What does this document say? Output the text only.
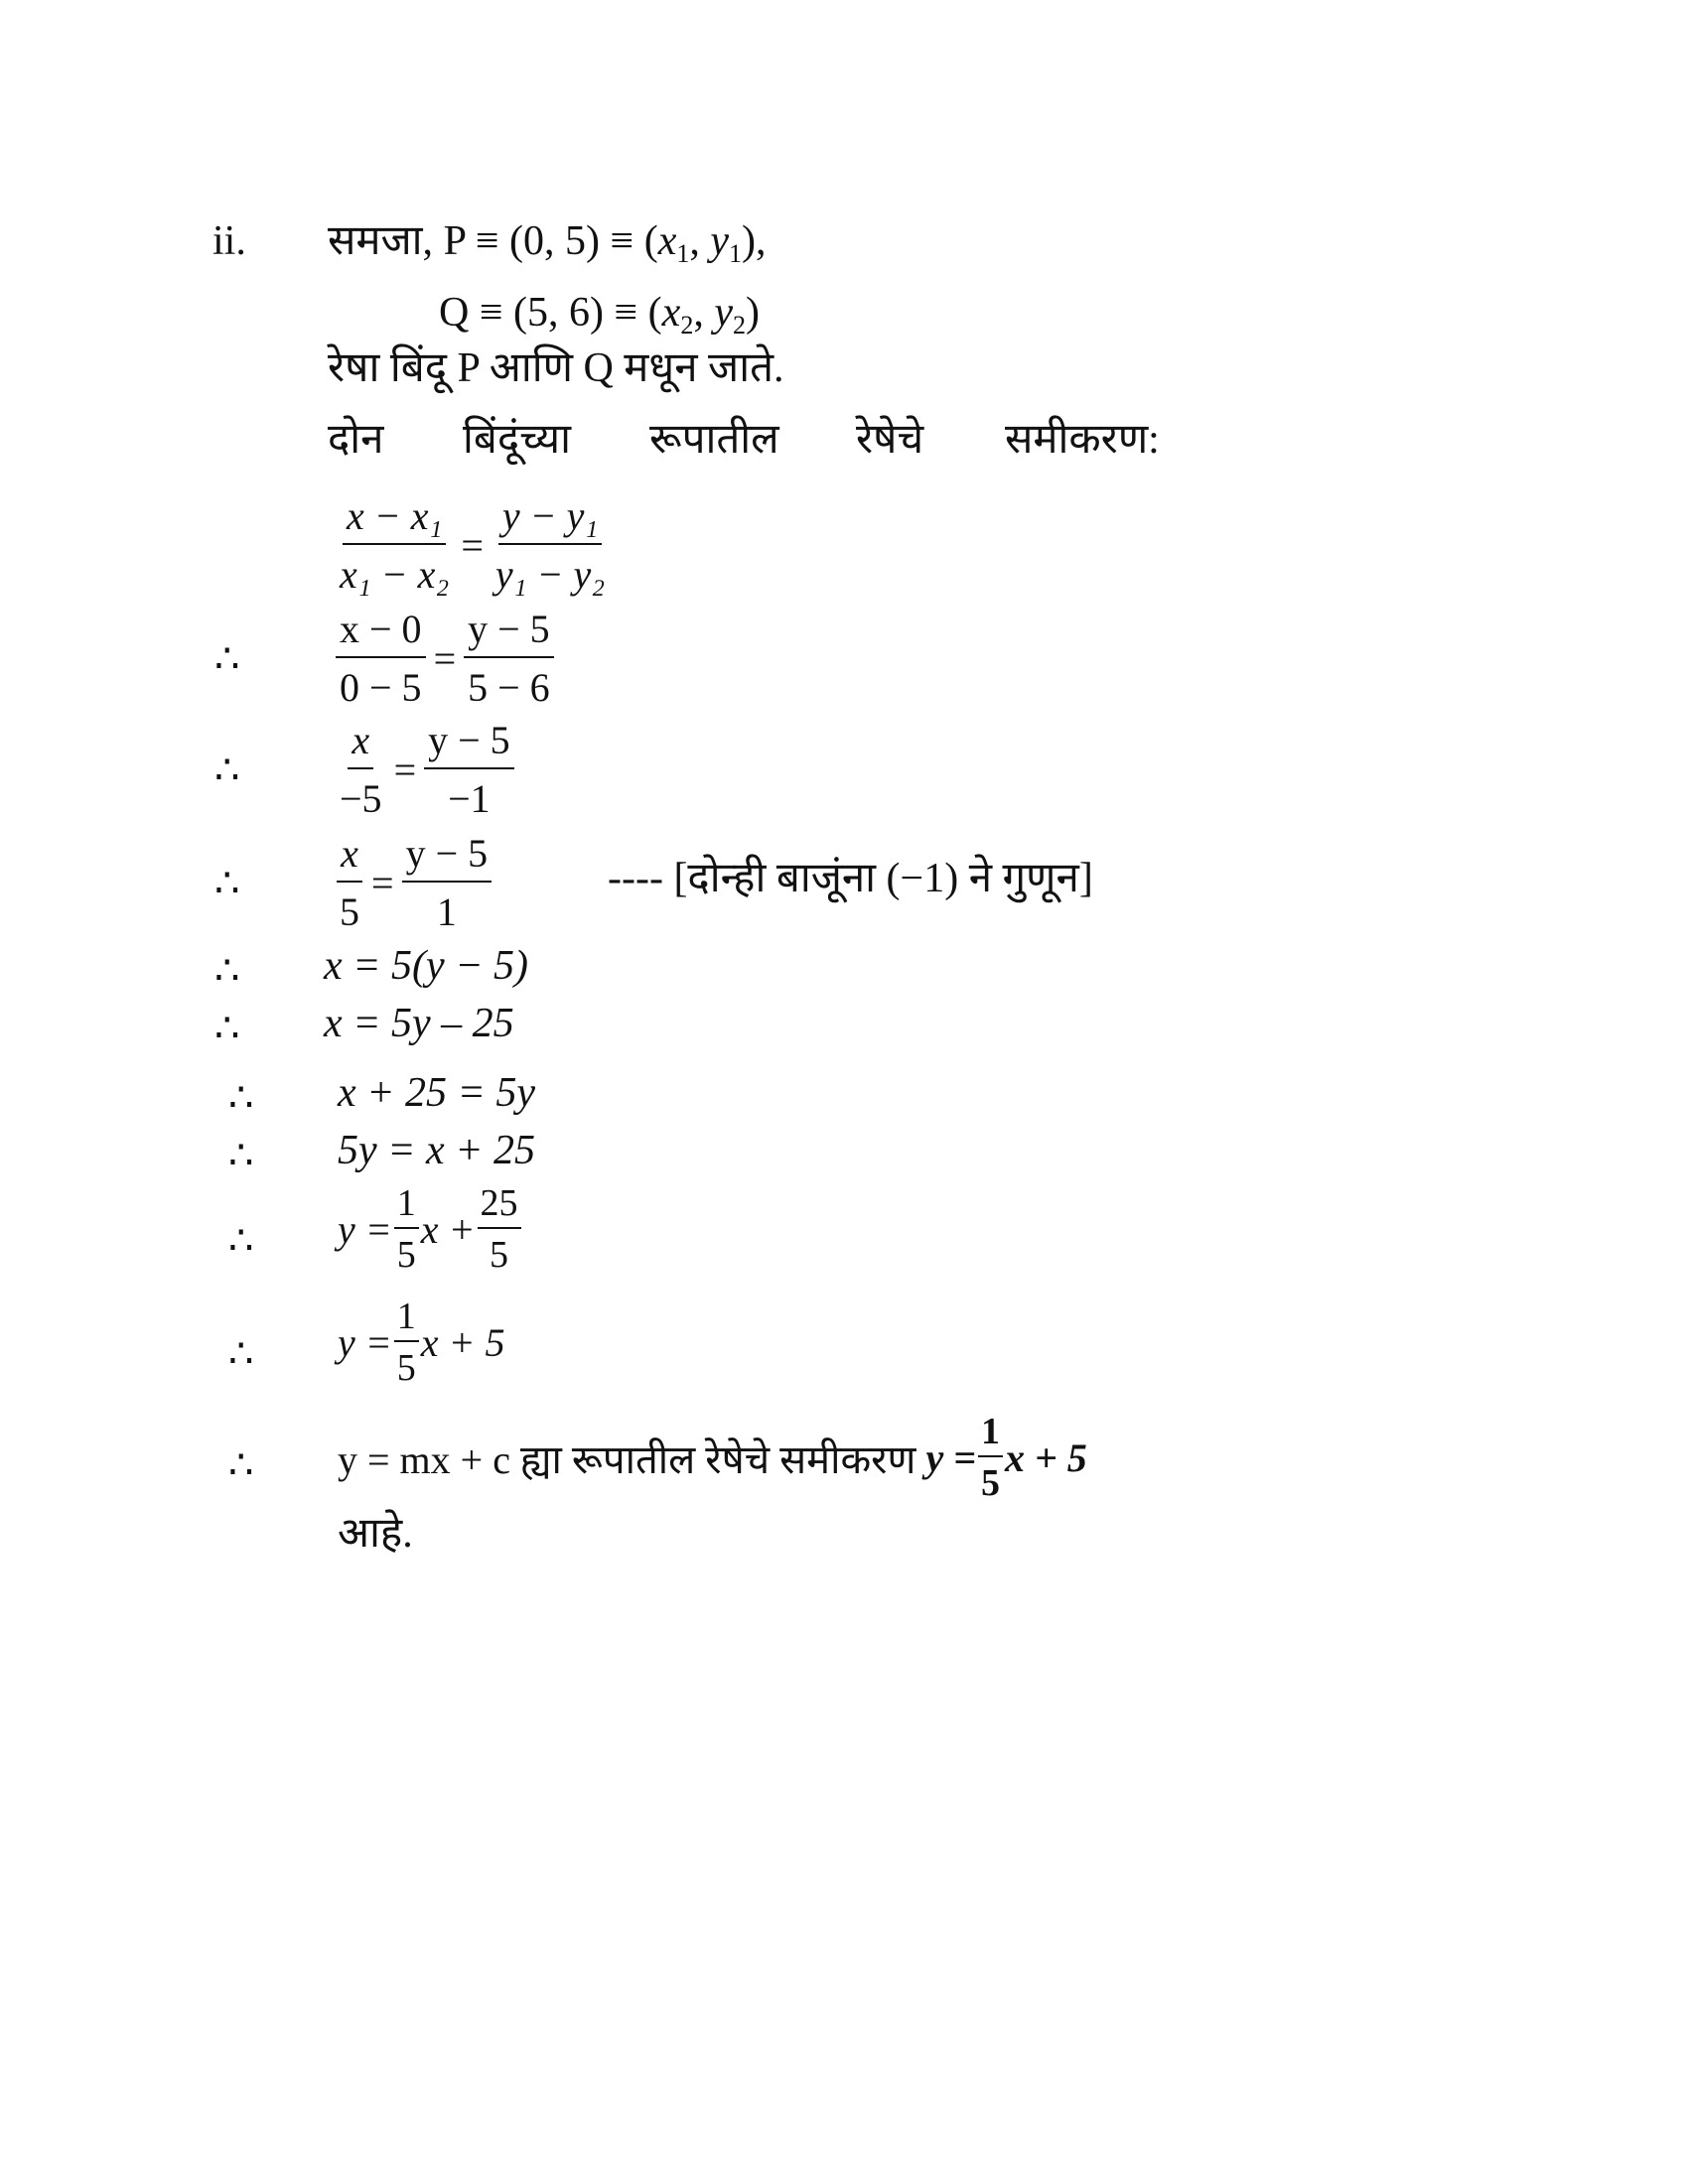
ii. समजा, P ≡ (0, $5) \equiv (x_1$, $y_1$),
Q ≡ (5, $6) \equiv (x_2$, $y_2$)
रेषा बिंदू P आणि Q मधून जाते.
दोन बिंदूंच्या रूपातील रेषेचे समीकरण:
$\frac{\text{x − x₁}}{\text{x₁ − x₂}} = \frac{\text{y − y₁}}{\text{y₁ − y₂}}$
∴ $\frac{x - 0}{0 - 5} = \frac{y - 5}{5 - 6}$
∴ $\frac{x}{-5} = \frac{y - 5}{-1}$
∴ $\frac{x}{5} = \frac{y - 5}{1}$	---- [दोन्ही बाजूंना (−1) ने गुणून]
∴ x = 5(y − 5)
∴ x = 5y – 25
∴ x + 25 = 5y
∴ 5y = x + 25
∴ $y = \frac{1}{5}$ $x + \frac{25}{5}$
∴ $y = \frac{1}{5}$ x + 5
∴ y = mx + c ह्या रूपातील रेषेचे समीकरण $y = \frac{1}{5}$ x + 5
आहे.
